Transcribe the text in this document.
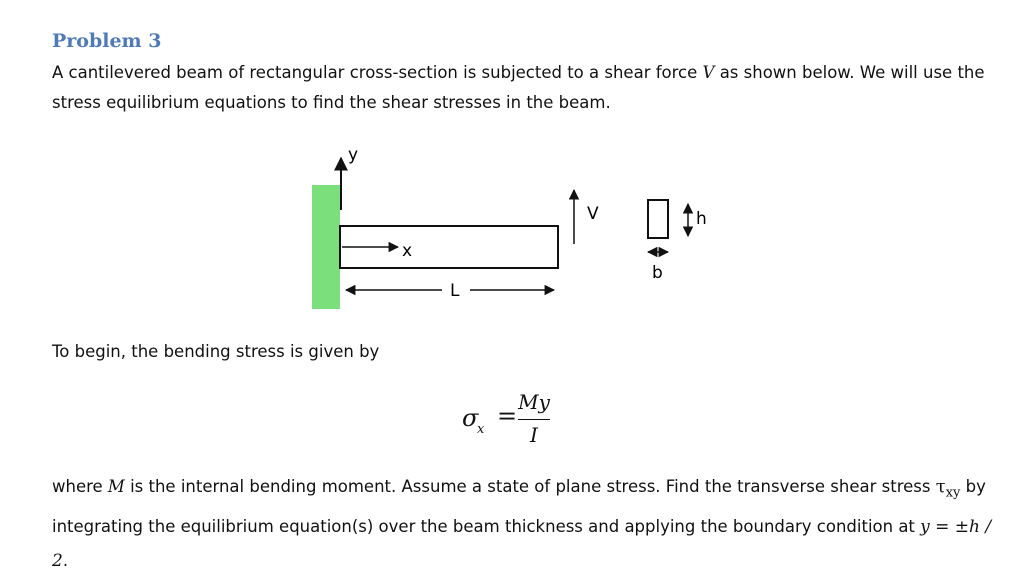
Problem 3

A cantilevered beam of rectangular cross-section is subjected to a shear force V as shown below. We will use the stress equilibrium equations to find the shear stresses in the beam.

y
x
L
V	h
b

To begin, the bending stress is given by

σ
x = My
I

where M is the internal bending moment. Assume a state of plane stress. Find the transverse shear stress $\tau_{xy}$ by integrating the equilibrium equation(s) over the beam thickness and applying the boundary condition at y = ±h / 2.
